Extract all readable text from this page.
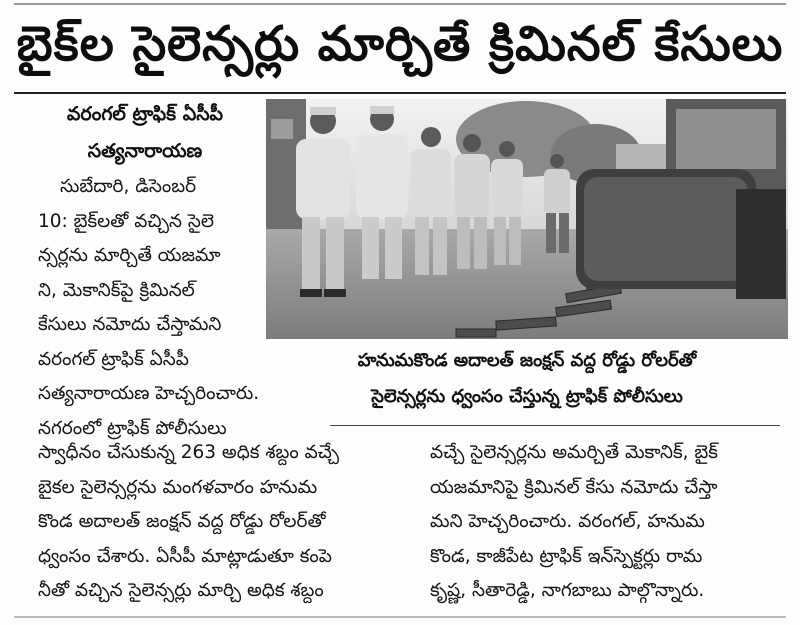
బైక్‌ల సైలెన్సర్లు మార్చితే క్రిమినల్ కేసులు
వరంగల్ ట్రాఫిక్ ఏసీపీ
సత్యనారాయణ
సుబేదారి, డిసెంబర్
10: బైక్‌లతో వచ్చిన సైలె
న్సర్లను మార్చితే యజమా
ని, మెకానిక్‌పై క్రిమినల్
కేసులు నమోదు చేస్తామని
వరంగల్ ట్రాఫిక్ ఏసీపీ
సత్యనారాయణ హెచ్చరించారు.
నగరంలో ట్రాఫిక్ పోలీసులు
హనుమకొండ అదాలత్ జంక్షన్ వద్ద రోడ్డు రోలర్‌తో
సైలెన్సర్లను ధ్వంసం చేస్తున్న ట్రాఫిక్ పోలీసులు
స్వాధీనం చేసుకున్న 263 అధిక శబ్దం వచ్చే
బైకల సైలెన్సర్లను మంగళవారం హనుమ
కొండ అదాలత్ జంక్షన్ వద్ద రోడ్డు రోలర్‌తో
ధ్వంసం చేశారు. ఏసీపీ మాట్లాడుతూ కంపె
నీతో వచ్చిన సైలెన్సర్లు మార్చి అధిక శబ్దం
వచ్చే సైలెన్సర్లను అమర్చితే మెకానిక్, బైక్
యజమానిపై క్రిమినల్ కేసు నమోదు చేస్తా
మని హెచ్చరించారు. వరంగల్, హనుమ
కొండ, కాజీపేట ట్రాఫిక్ ఇన్‌స్పెక్టర్లు రామ
కృష్ణ, సీతారెడ్డి, నాగబాబు పాల్గొన్నారు.
